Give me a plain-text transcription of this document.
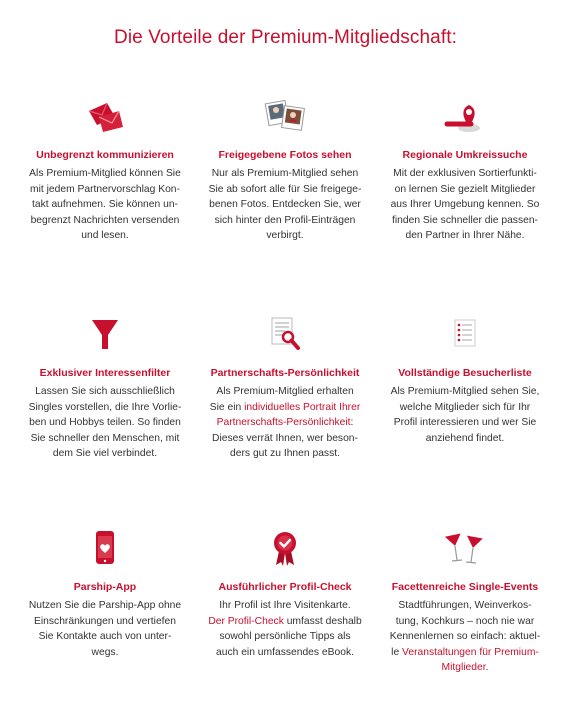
Die Vorteile der Premium-Mitgliedschaft:
Unbegrenzt kommunizieren
Als Premium-Mitglied können Sie
mit jedem Partnervorschlag Kon-
takt aufnehmen. Sie können un-
begrenzt Nachrichten versenden
und lesen.
Freigegebene Fotos sehen
Nur als Premium-Mitglied sehen
Sie ab sofort alle für Sie freigege-
benen Fotos. Entdecken Sie, wer
sich hinter den Profil-Einträgen
verbirgt.
Regionale Umkreissuche
Mit der exklusiven Sortierfunkti-
on lernen Sie gezielt Mitglieder
aus Ihrer Umgebung kennen. So
finden Sie schneller die passen-
den Partner in Ihrer Nähe.
Exklusiver Interessenfilter
Lassen Sie sich ausschließlich
Singles vorstellen, die Ihre Vorlie-
ben und Hobbys teilen. So finden
Sie schneller den Menschen, mit
dem Sie viel verbindet.
Partnerschafts-Persönlichkeit
Als Premium-Mitglied erhalten
Sie ein individuelles Portrait Ihrer
Partnerschafts-Persönlichkeit:
Dieses verrät Ihnen, wer beson-
ders gut zu Ihnen passt.
Vollständige Besucherliste
Als Premium-Mitglied sehen Sie,
welche Mitglieder sich für Ihr
Profil interessieren und wer Sie
anziehend findet.
Parship-App
Nutzen Sie die Parship-App ohne
Einschränkungen und vertiefen
Sie Kontakte auch von unter-
wegs.
Ausführlicher Profil-Check
Ihr Profil ist Ihre Visitenkarte.
Der Profil-Check umfasst deshalb
sowohl persönliche Tipps als
auch ein umfassendes eBook.
Facettenreiche Single-Events
Stadtführungen, Weinverkos-
tung, Kochkurs – noch nie war
Kennenlernen so einfach: aktuel-
le Veranstaltungen für Premium-
Mitglieder.
